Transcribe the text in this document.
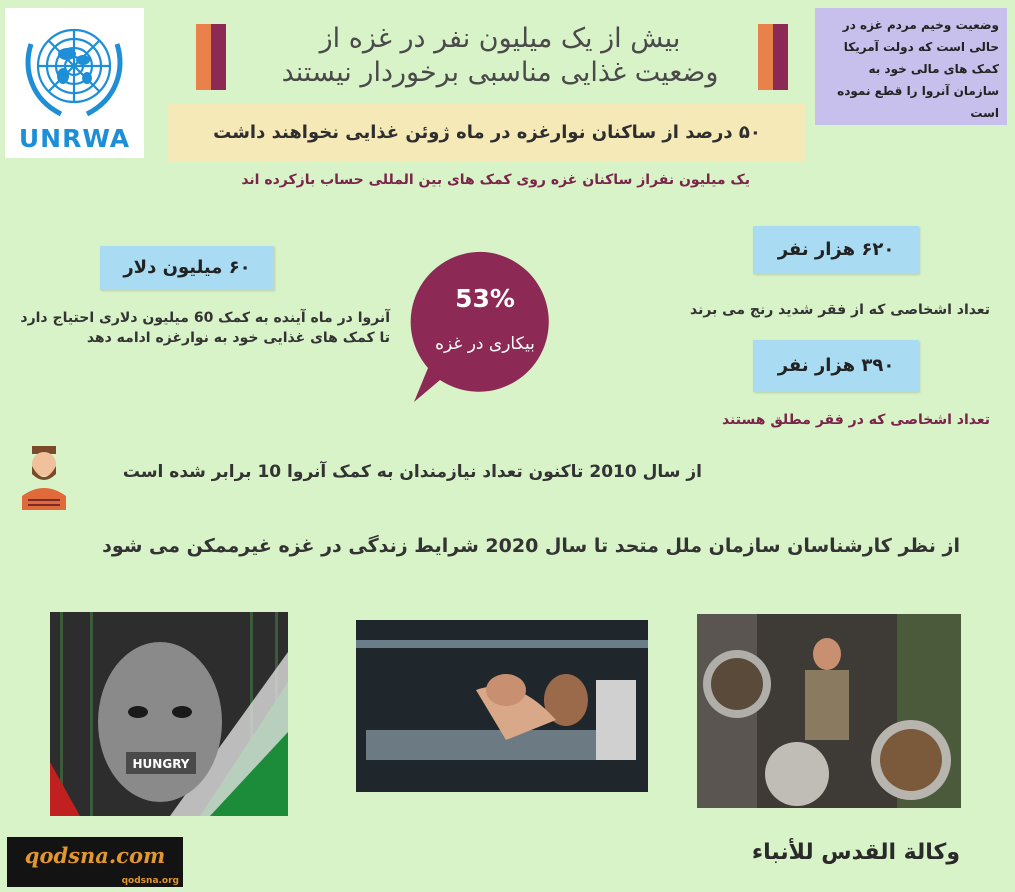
UNRWA
بیش از یک میلیون نفر در غزه از
وضعیت غذایی مناسبی برخوردار نیستند
وضعیت وخیم مردم غزه در حالی است که دولت آمریکا کمک های مالی خود به سازمان آنروا را قطع نموده است
۵۰ درصد از ساکنان نوارغزه در ماه ژوئن غذایی نخواهند داشت
یک میلیون نفراز ساکنان غزه روی کمک های بین المللی حساب بازکرده اند
۶۰ میلیون دلار
آنروا در ماه آینده به کمک 60 میلیون دلاری احتیاج دارد تا کمک های غذایی خود به نوارغزه ادامه دهد
۶۲۰ هزار نفر
تعداد اشخاصی که از فقر شدید رنج می برند
۳۹۰ هزار نفر
تعداد اشخاصی که در فقر مطلق هستند
53%
بیکاری در غزه
از سال 2010 تاکنون تعداد نیازمندان به کمک آنروا 10 برابر شده است
از نظر کارشناسان سازمان ملل متحد تا سال 2020 شرایط زندگی در غزه غیرممکن می شود
HUNGRY
qodsna.com
qodsna.org
وكالة القدس للأنباء
